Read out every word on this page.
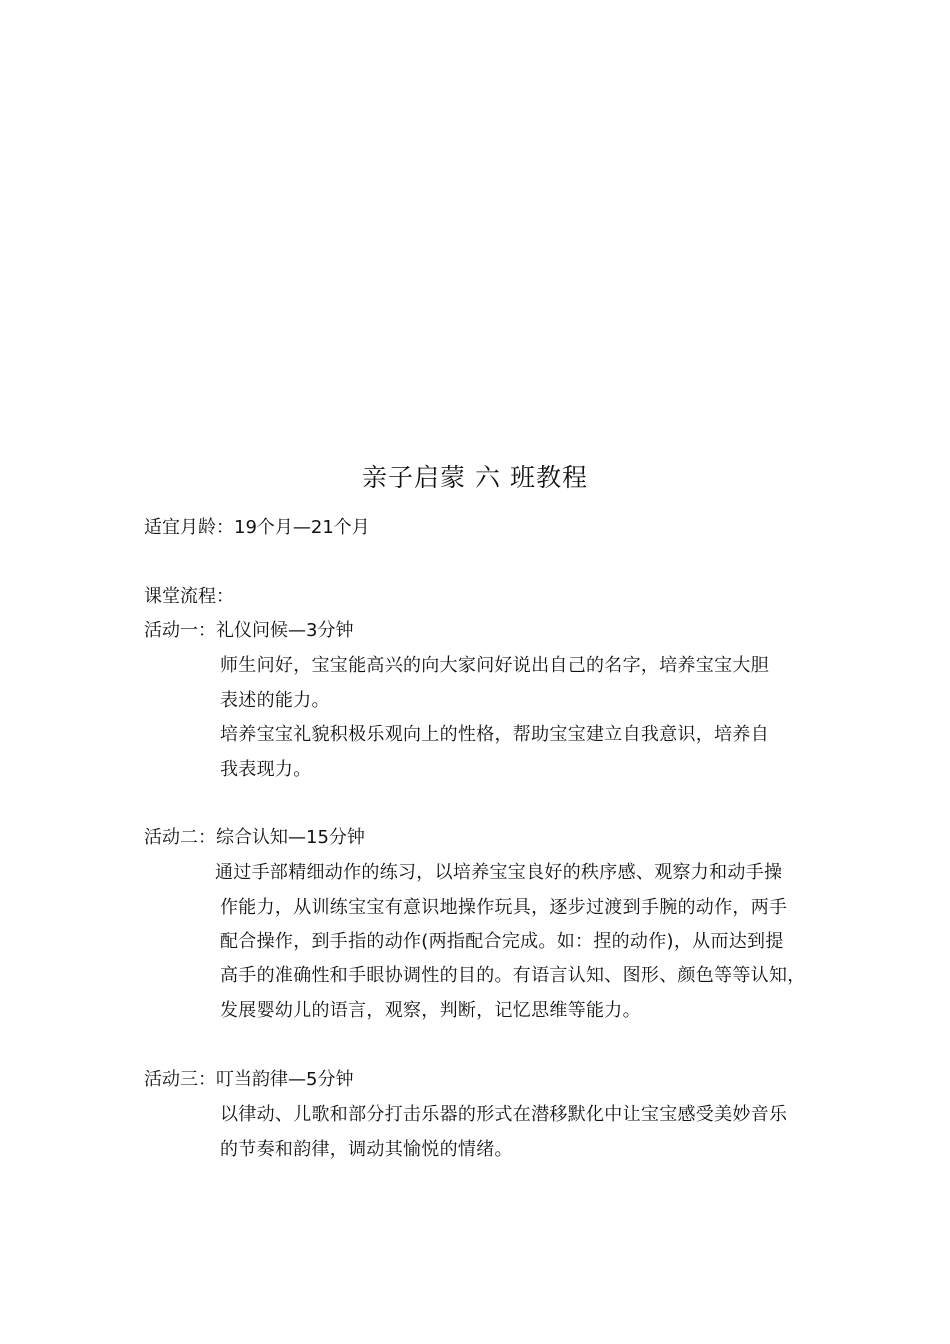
亲子启蒙 六 班教程
适宜月龄：19个月—21个月
课堂流程：
活动一：礼仪问候—3分钟
师生问好，宝宝能高兴的向大家问好说出自己的名字，培养宝宝大胆
表述的能力。
培养宝宝礼貌积极乐观向上的性格，帮助宝宝建立自我意识，培养自
我表现力。
活动二：综合认知—15分钟
通过手部精细动作的练习，以培养宝宝良好的秩序感、观察力和动手操
作能力，从训练宝宝有意识地操作玩具，逐步过渡到手腕的动作，两手
配合操作，到手指的动作(两指配合完成。如：捏的动作)，从而达到提
高手的准确性和手眼协调性的目的。有语言认知、图形、颜色等等认知，
发展婴幼儿的语言，观察，判断，记忆思维等能力。
活动三：叮当韵律—5分钟
以律动、儿歌和部分打击乐器的形式在潜移默化中让宝宝感受美妙音乐
的节奏和韵律，调动其愉悦的情绪。
